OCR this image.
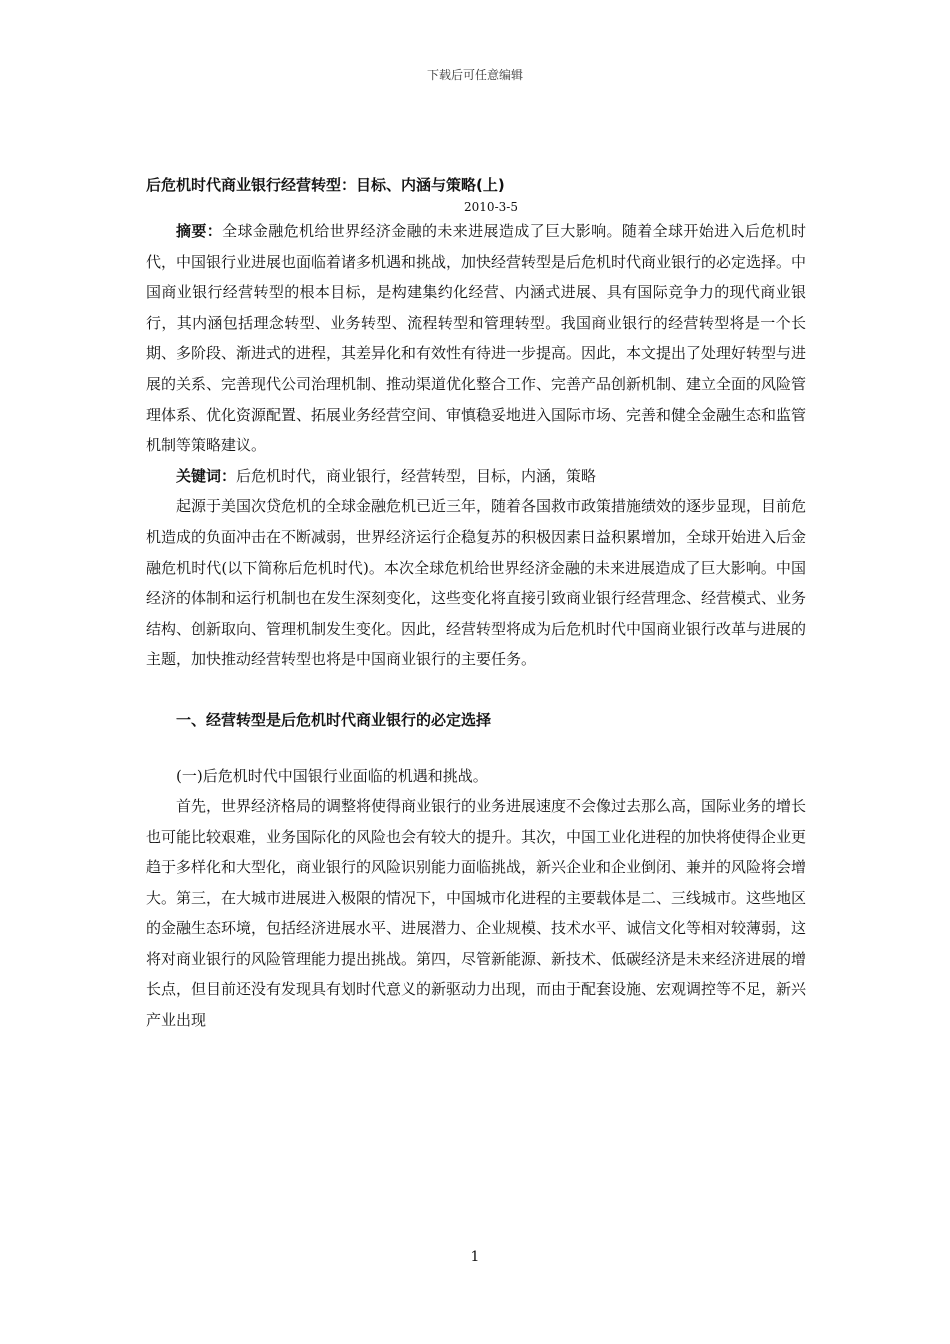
下载后可任意编辑

后危机时代商业银行经营转型：目标、内涵与策略(上)

2010-3-5

摘要：全球金融危机给世界经济金融的未来进展造成了巨大影响。随着全球开始进入后危机时代，中国银行业进展也面临着诸多机遇和挑战，加快经营转型是后危机时代商业银行的必定选择。中国商业银行经营转型的根本目标，是构建集约化经营、内涵式进展、具有国际竞争力的现代商业银行，其内涵包括理念转型、业务转型、流程转型和管理转型。我国商业银行的经营转型将是一个长期、多阶段、渐进式的进程，其差异化和有效性有待进一步提高。因此，本文提出了处理好转型与进展的关系、完善现代公司治理机制、推动渠道优化整合工作、完善产品创新机制、建立全面的风险管理体系、优化资源配置、拓展业务经营空间、审慎稳妥地进入国际市场、完善和健全金融生态和监管机制等策略建议。

关键词：后危机时代，商业银行，经营转型，目标，内涵，策略

起源于美国次贷危机的全球金融危机已近三年，随着各国救市政策措施绩效的逐步显现，目前危机造成的负面冲击在不断减弱，世界经济运行企稳复苏的积极因素日益积累增加，全球开始进入后金融危机时代(以下简称后危机时代)。本次全球危机给世界经济金融的未来进展造成了巨大影响。中国经济的体制和运行机制也在发生深刻变化，这些变化将直接引致商业银行经营理念、经营模式、业务结构、创新取向、管理机制发生变化。因此，经营转型将成为后危机时代中国商业银行改革与进展的主题，加快推动经营转型也将是中国商业银行的主要任务。

一、经营转型是后危机时代商业银行的必定选择

(一)后危机时代中国银行业面临的机遇和挑战。

首先，世界经济格局的调整将使得商业银行的业务进展速度不会像过去那么高，国际业务的增长也可能比较艰难，业务国际化的风险也会有较大的提升。其次，中国工业化进程的加快将使得企业更趋于多样化和大型化，商业银行的风险识别能力面临挑战，新兴企业和企业倒闭、兼并的风险将会增大。第三，在大城市进展进入极限的情况下，中国城市化进程的主要载体是二、三线城市。这些地区的金融生态环境，包括经济进展水平、进展潜力、企业规模、技术水平、诚信文化等相对较薄弱，这将对商业银行的风险管理能力提出挑战。第四，尽管新能源、新技术、低碳经济是未来经济进展的增长点，但目前还没有发现具有划时代意义的新驱动力出现，而由于配套设施、宏观调控等不足，新兴产业出现

1
